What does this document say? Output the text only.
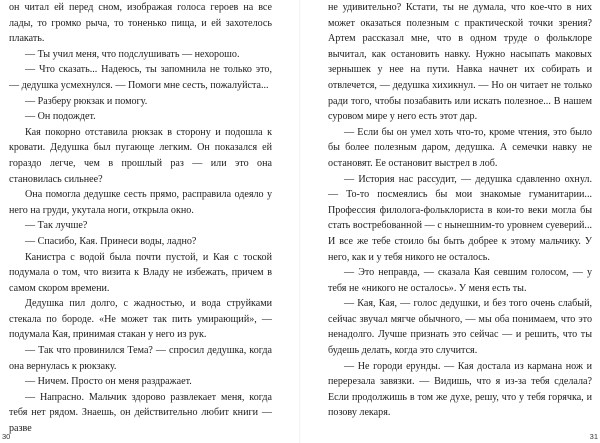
он читал ей перед сном, изображая голоса героев на все лады, то громко рыча, то тоненько пища, и ей захотелось плакать.

— Ты учил меня, что подслушивать — нехорошо.

— Что сказать... Надеюсь, ты запомнила не только это, — дедушка усмехнулся. — Помоги мне сесть, пожалуйста...

— Разберу рюкзак и помогу.

— Он подождет.

Кая покорно отставила рюкзак в сторону и подошла к кровати. Дедушка был пугающе легким. Он показался ей гораздо легче, чем в прошлый раз — или это она становилась сильнее?

Она помогла дедушке сесть прямо, расправила одеяло у него на груди, укутала ноги, открыла окно.

— Так лучше?

— Спасибо, Кая. Принеси воды, ладно?

Канистра с водой была почти пустой, и Кая с тоской подумала о том, что визита к Владу не избежать, причем в самом скором времени.

Дедушка пил долго, с жадностью, и вода струйками стекала по бороде. «Не может так пить умирающий», — подумала Кая, принимая стакан у него из рук.

— Так что провинился Тема? — спросил дедушка, когда она вернулась к рюкзаку.

— Ничем. Просто он меня раздражает.

— Напрасно. Мальчик здорово развлекает меня, когда тебя нет рядом. Знаешь, он действительно любит книги — разве

30

не удивительно? Кстати, ты не думала, что кое-что в них может оказаться полезным с практической точки зрения? Артем рассказал мне, что в одном труде о фольклоре вычитал, как остановить навку. Нужно насыпать маковых зернышек у нее на пути. Навка начнет их собирать и отвлечется, — дедушка хихикнул. — Но он читает не только ради того, чтобы позабавить или искать полезное... В нашем суровом мире у него есть этот дар.

— Если бы он умел хоть что-то, кроме чтения, это было бы более полезным даром, дедушка. А семечки навку не остановят. Ее остановит выстрел в лоб.

— История нас рассудит, — дедушка сдавленно охнул. — То-то посмеялись бы мои знакомые гуманитарии... Профессия филолога-фольклориста в кои-то веки могла бы стать востребованной — с нынешним-то уровнем суеверий... И все же тебе стоило бы быть добрее к этому мальчику. У него, как и у тебя никого не осталось.

— Это неправда, — сказала Кая севшим голосом, — у тебя не «никого не осталось». У меня есть ты.

— Кая, Кая, — голос дедушки, и без того очень слабый, сейчас звучал мягче обычного, — мы оба понимаем, что это ненадолго. Лучше признать это сейчас — и решить, что ты будешь делать, когда это случится.

— Не городи ерунды. — Кая достала из кармана нож и перерезала завязки. — Видишь, что я из-за тебя сделала? Если продолжишь в том же духе, решу, что у тебя горячка, и позову лекаря.

31
